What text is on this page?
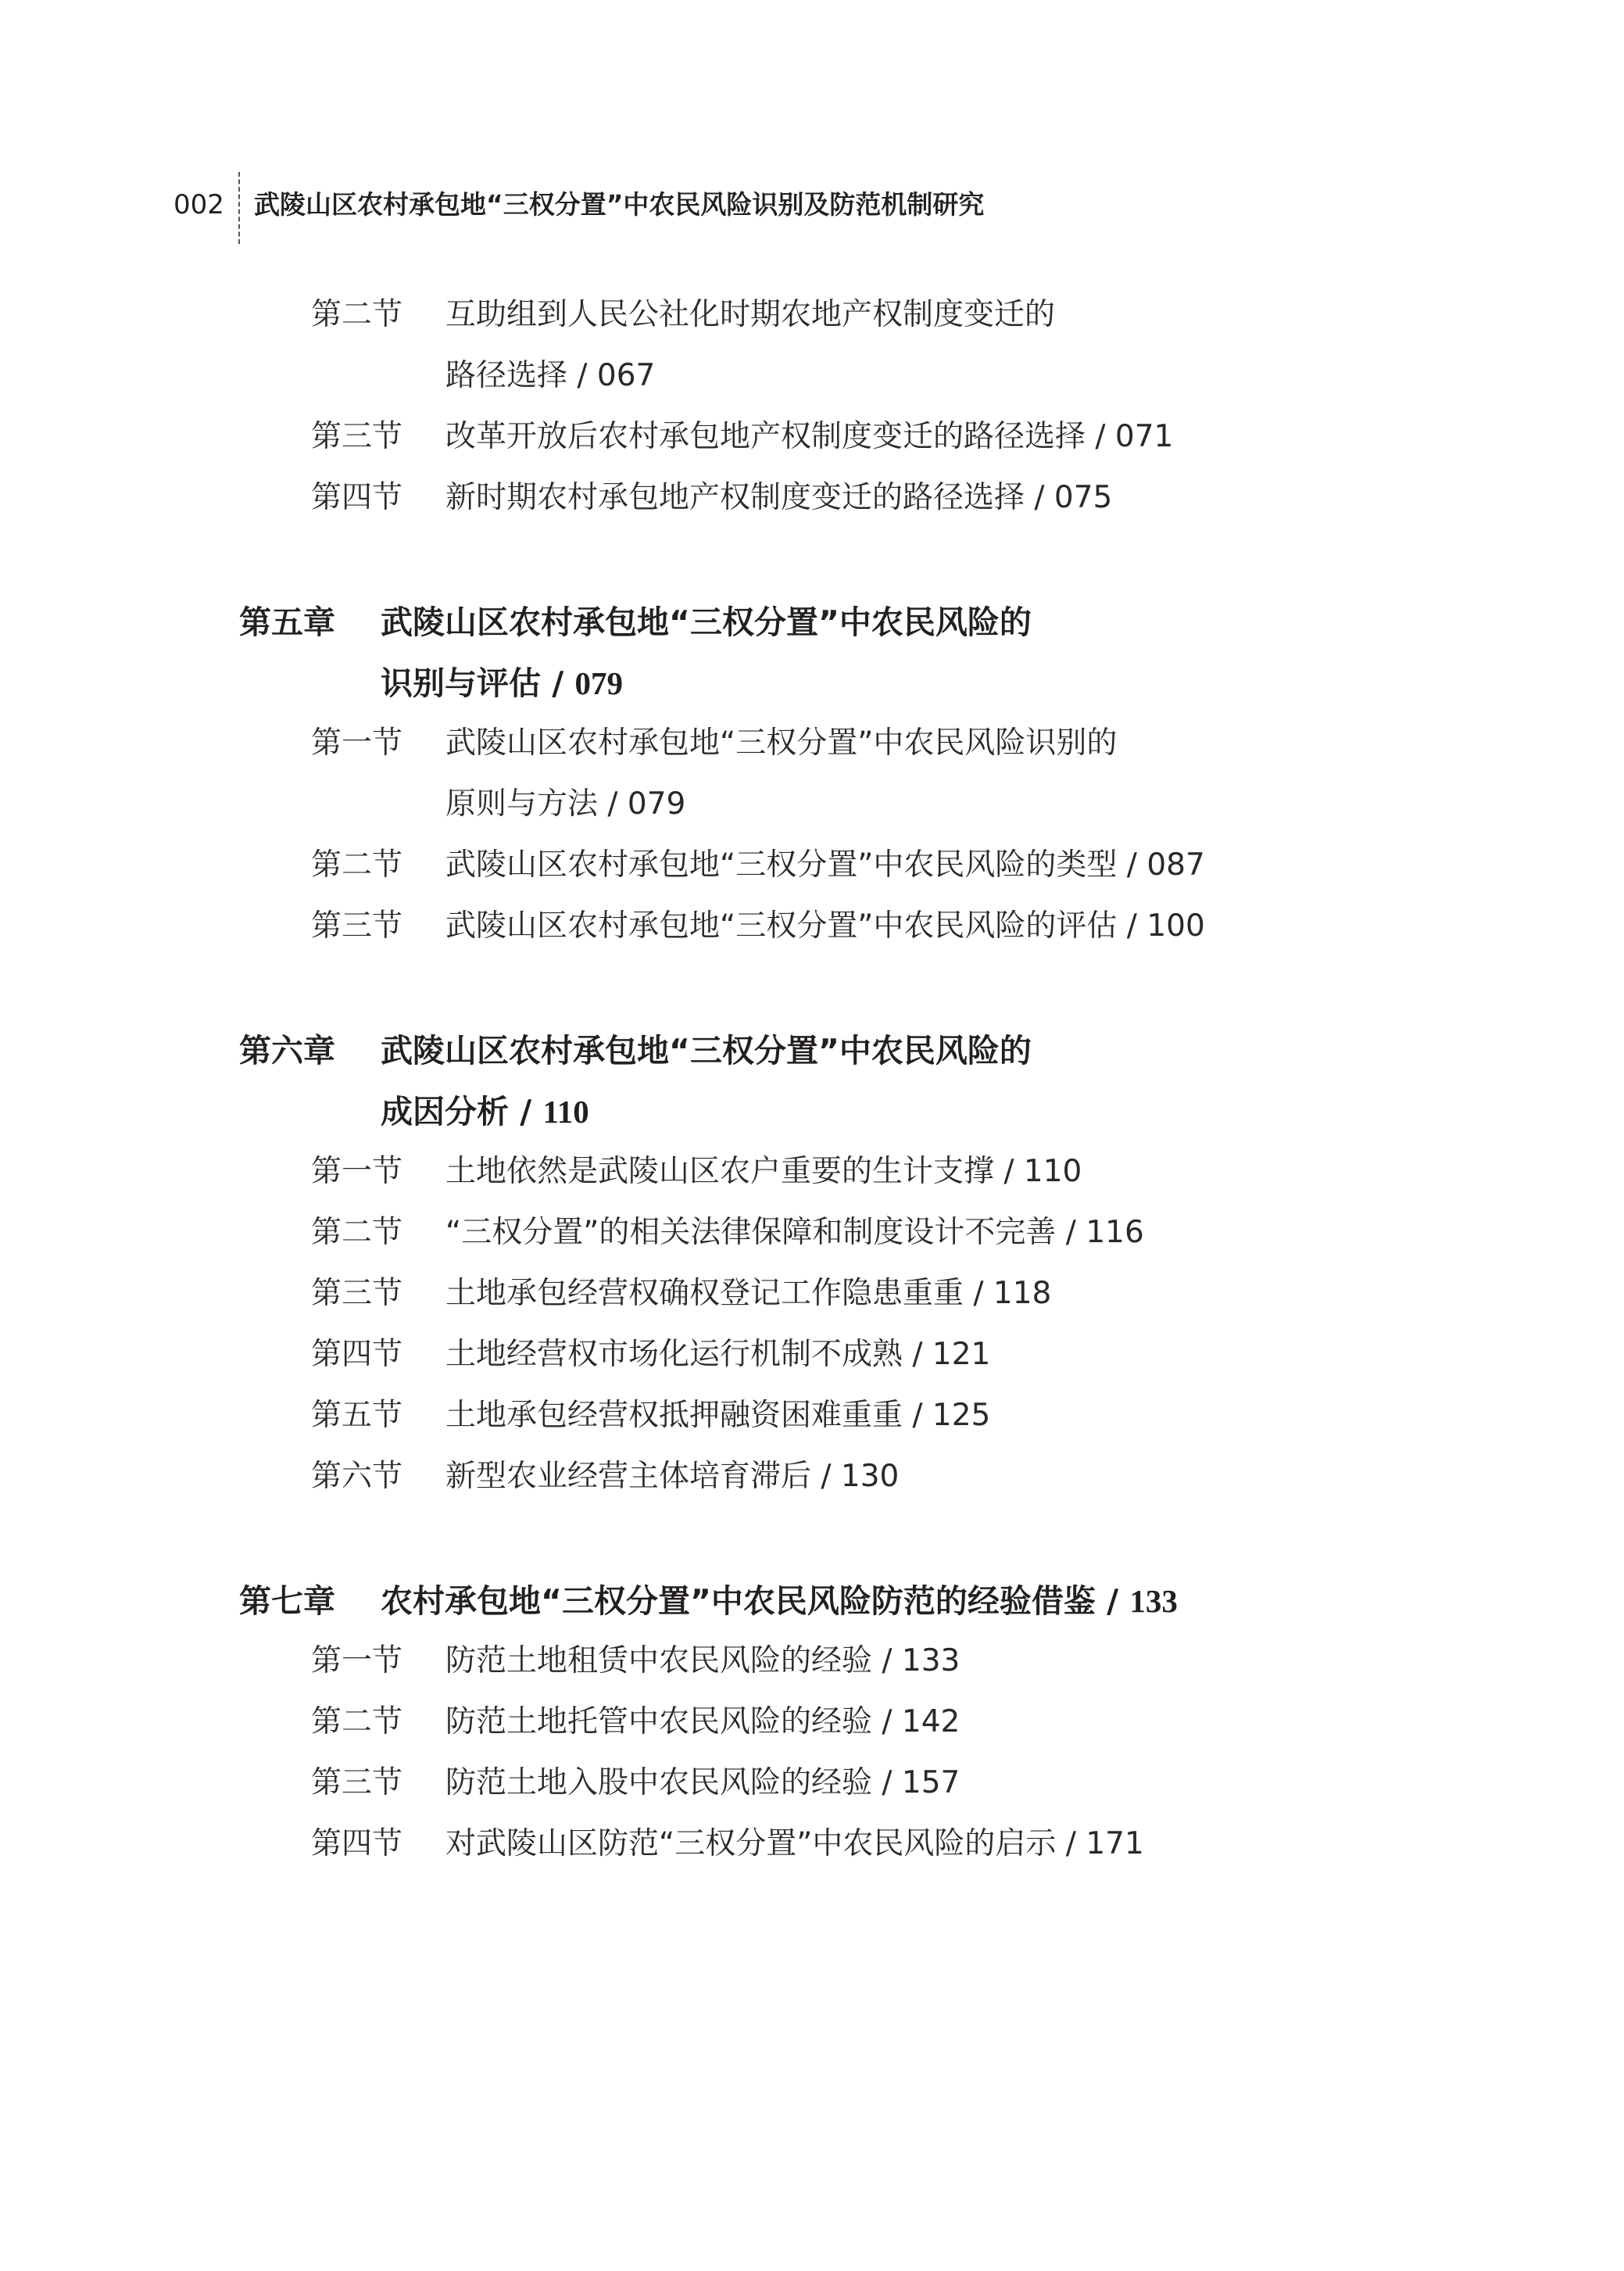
002 武陵山区农村承包地“三权分置”中农民风险识别及防范机制研究
第二节 互助组到人民公社化时期农地产权制度变迁的
路径选择 / 067
第三节 改革开放后农村承包地产权制度变迁的路径选择 / 071
第四节 新时期农村承包地产权制度变迁的路径选择 / 075
第五章 武陵山区农村承包地“三权分置”中农民风险的
识别与评估 / 079
第一节 武陵山区农村承包地“三权分置”中农民风险识别的
原则与方法 / 079
第二节 武陵山区农村承包地“三权分置”中农民风险的类型 / 087
第三节 武陵山区农村承包地“三权分置”中农民风险的评估 / 100
第六章 武陵山区农村承包地“三权分置”中农民风险的
成因分析 / 110
第一节 土地依然是武陵山区农户重要的生计支撑 / 110
第二节 “三权分置”的相关法律保障和制度设计不完善 / 116
第三节 土地承包经营权确权登记工作隐患重重 / 118
第四节 土地经营权市场化运行机制不成熟 / 121
第五节 土地承包经营权抵押融资困难重重 / 125
第六节 新型农业经营主体培育滞后 / 130
第七章 农村承包地“三权分置”中农民风险防范的经验借鉴 / 133
第一节 防范土地租赁中农民风险的经验 / 133
第二节 防范土地托管中农民风险的经验 / 142
第三节 防范土地入股中农民风险的经验 / 157
第四节 对武陵山区防范“三权分置”中农民风险的启示 / 171
